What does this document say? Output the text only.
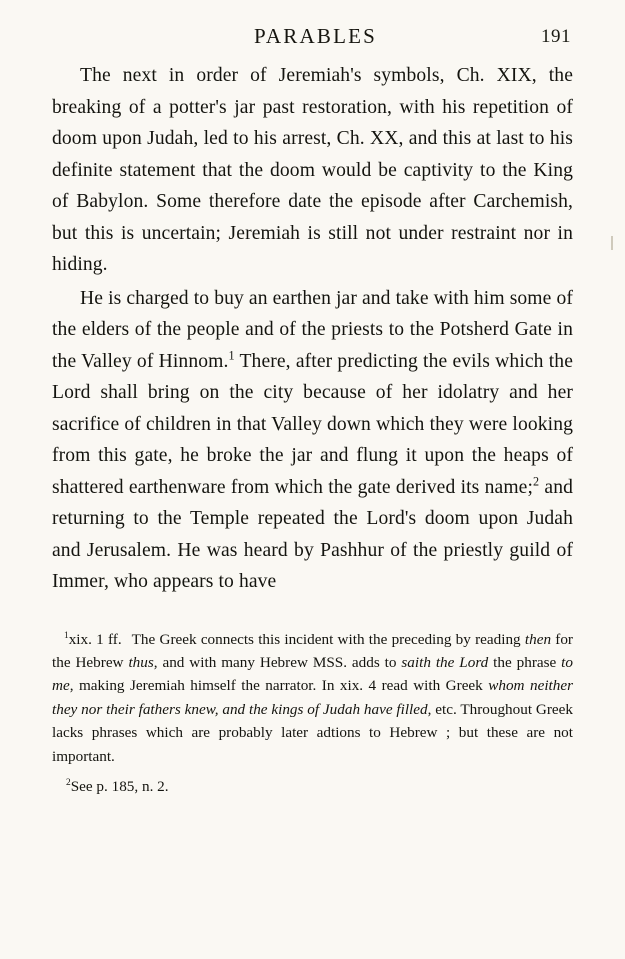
PARABLES	191

The next in order of Jeremiah's symbols, Ch. XIX, the breaking of a potter's jar past restoration, with his repetition of doom upon Judah, led to his arrest, Ch. XX, and this at last to his definite statement that the doom would be captivity to the King of Babylon. Some therefore date the episode after Carchemish, but this is uncertain; Jeremiah is still not under restraint nor in hiding.

He is charged to buy an earthen jar and take with him some of the elders of the people and of the priests to the Potsherd Gate in the Valley of Hinnom.$^1$ There, after predicting the evils which the Lord shall bring on the city because of her idolatry and her sacrifice of children in that Valley down which they were looking from this gate, he broke the jar and flung it upon the heaps of shattered earthenware from which the gate derived its name;$^2$ and returning to the Temple repeated the Lord's doom upon Judah and Jerusalem. He was heard by Pashhur of the priestly guild of Immer, who appears to have

$^1$xix. 1 ff. The Greek connects this incident with the preceding by reading then for the Hebrew thus, and with many Hebrew MSS. adds to saith the Lord the phrase to me, making Jeremiah himself the narrator. In xix. 4 read with Greek whom neither they nor their fathers knew, and the kings of Judah have filled, etc. Throughout Greek lacks phrases which are probably later adtions to Hebrew ; but these are not important.

$^2$See p. 185, n. 2.
